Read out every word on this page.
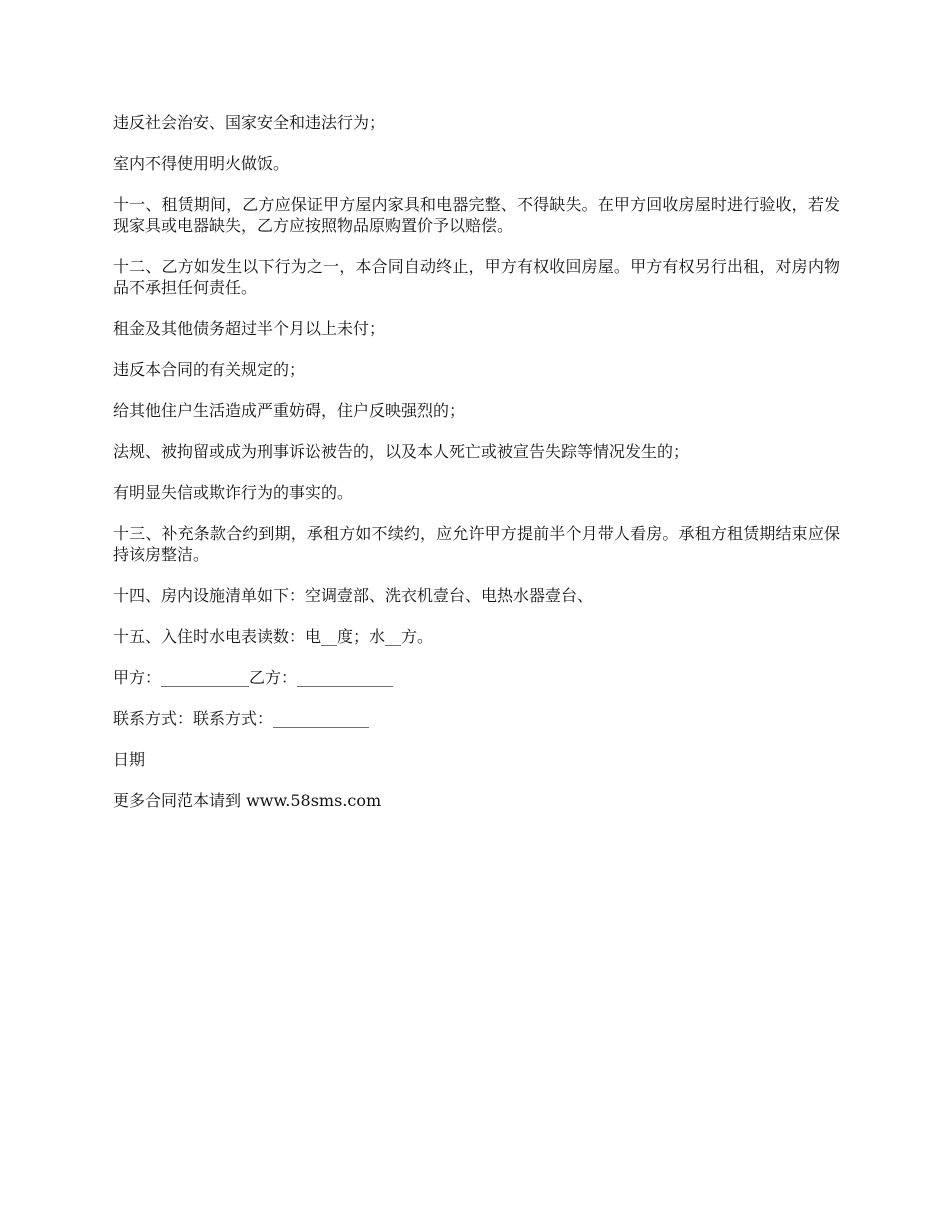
违反社会治安、国家安全和违法行为；

室内不得使用明火做饭。

十一、租赁期间，乙方应保证甲方屋内家具和电器完整、不得缺失。在甲方回收房屋时进行验收，若发现家具或电器缺失，乙方应按照物品原购置价予以赔偿。

十二、乙方如发生以下行为之一，本合同自动终止，甲方有权收回房屋。甲方有权另行出租，对房内物品不承担任何责任。

租金及其他债务超过半个月以上未付；

违反本合同的有关规定的；

给其他住户生活造成严重妨碍，住户反映强烈的；

法规、被拘留或成为刑事诉讼被告的，以及本人死亡或被宣告失踪等情况发生的；

有明显失信或欺诈行为的事实的。

十三、补充条款合约到期，承租方如不续约，应允许甲方提前半个月带人看房。承租方租赁期结束应保持该房整洁。

十四、房内设施清单如下：空调壹部、洗衣机壹台、电热水器壹台、

十五、入住时水电表读数：电__度；水__方。

甲方：___________乙方：____________

联系方式：联系方式：____________

日期

更多合同范本请到 www.58sms.com
